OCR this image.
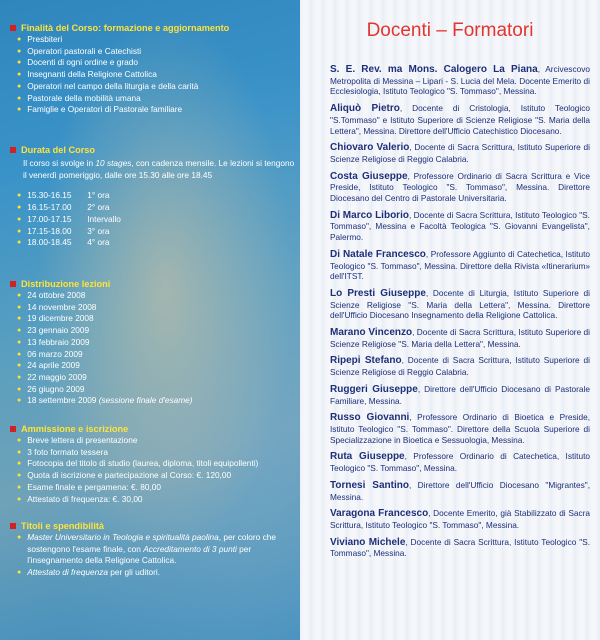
Finalità del Corso: formazione e aggiornamento
● Presbiteri
● Operatori pastorali e Catechisti
● Docenti di ogni ordine e grado
● Insegnanti della Religione Cattolica
● Operatori nel campo della liturgia e della carità
● Pastorale della mobilità umana
● Famiglie e Operatori di Pastorale familiare
Durata del Corso

Il corso si svolge in 10 stages, con cadenza mensile. Le lezioni si tengono il venerdì pomeriggio, dalle ore 15.30 alle ore 18.45

● 15.30-16.15	1° ora
● 16.15-17.00	2° ora
● 17.00-17.15	Intervallo
● 17.15-18.00	3° ora
● 18.00-18.45	4° ora
Distribuzione lezioni
● 24 ottobre 2008
● 14 novembre 2008
● 19 dicembre 2008
● 23 gennaio 2009
● 13 febbraio 2009
● 06 marzo 2009
● 24 aprile 2009
● 22 maggio 2009
● 26 giugno 2009
● 18 settembre 2009 (sessione finale d'esame)
Ammissione e iscrizione
● Breve lettera di presentazione
● 3 foto formato tessera
● Fotocopia del titolo di studio (laurea, diploma, titoli equipollenti)
● Quota di iscrizione e partecipazione al Corso: €. 120,00
● Esame finale e pergamena: €. 80,00
● Attestato di frequenza: €. 30,00
Titoli e spendibilità
● Master Universitario in Teologia e spiritualità paolina, per coloro che sostengono l'esame finale, con Accreditamento di 3 punti per l'insegnamento della Religione Cattolica.
● Attestato di frequenza per gli uditori.
Docenti – Formatori

S. E. Rev. ma Mons. Calogero La Piana, Arcivescovo Metropolita di Messina – Lipari - S. Lucia del Mela. Docente Emerito di Ecclesiologia, Istituto Teologico "S. Tommaso", Messina.

Aliquò Pietro, Docente di Cristologia, Istituto Teologico "S.Tommaso" e Istituto Superiore di Scienze Religiose "S. Maria della Lettera", Messina. Direttore dell'Ufficio Catechistico Diocesano.

Chiovaro Valerio, Docente di Sacra Scrittura, Istituto Superiore di Scienze Religiose di Reggio Calabria.

Costa Giuseppe, Professore Ordinario di Sacra Scrittura e Vice Preside, Istituto Teologico "S. Tommaso", Messina. Direttore Diocesano del Centro di Pastorale Universitaria.

Di Marco Liborio, Docente di Sacra Scrittura, Istituto Teologico "S. Tommaso", Messina e Facoltà Teologica "S. Giovanni Evangelista", Palermo.

Di Natale Francesco, Professore Aggiunto di Catechetica, Istituto Teologico "S. Tommaso", Messina. Direttore della Rivista «Itinerarium» dell'ITST.

Lo Presti Giuseppe, Docente di Liturgia, Istituto Superiore di Scienze Religiose "S. Maria della Lettera", Messina. Direttore dell'Ufficio Diocesano Insegnamento della Religione Cattolica.

Marano Vincenzo, Docente di Sacra Scrittura, Istituto Superiore di Scienze Religiose "S. Maria della Lettera", Messina.

Ripepi Stefano, Docente di Sacra Scrittura, Istituto Superiore di Scienze Religiose di Reggio Calabria.

Ruggeri Giuseppe, Direttore dell'Ufficio Diocesano di Pastorale Familiare, Messina.

Russo Giovanni, Professore Ordinario di Bioetica e Preside, Istituto Teologico "S. Tommaso". Direttore della Scuola Superiore di Specializzazione in Bioetica e Sessuologia, Messina.

Ruta Giuseppe, Professore Ordinario di Catechetica, Istituto Teologico "S. Tommaso", Messina.

Tornesi Santino, Direttore dell'Ufficio Diocesano "Migrantes", Messina.

Varagona Francesco, Docente Emerito, già Stabilizzato di Sacra Scrittura, Istituto Teologico "S. Tommaso", Messina.

Viviano Michele, Docente di Sacra Scrittura, Istituto Teologico "S. Tommaso", Messina.
